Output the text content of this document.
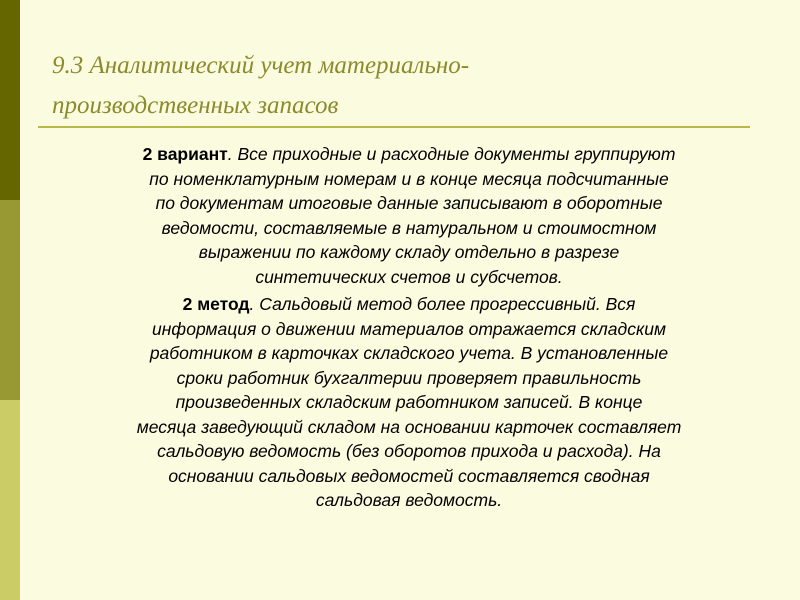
9.3 Аналитический учет материально-
производственных запасов

2 вариант. Все приходные и расходные документы группируют
по номенклатурным номерам и в конце месяца подсчитанные
по документам итоговые данные записывают в оборотные
ведомости, составляемые в натуральном и стоимостном
выражении по каждому складу отдельно в разрезе
синтетических счетов и субсчетов.

2 метод. Сальдовый метод более прогрессивный. Вся
информация о движении материалов отражается складским
работником в карточках складского учета. В установленные
сроки работник бухгалтерии проверяет правильность
произведенных складским работником записей. В конце
месяца заведующий складом на основании карточек составляет
сальдовую ведомость (без оборотов прихода и расхода). На
основании сальдовых ведомостей составляется сводная
сальдовая ведомость.
